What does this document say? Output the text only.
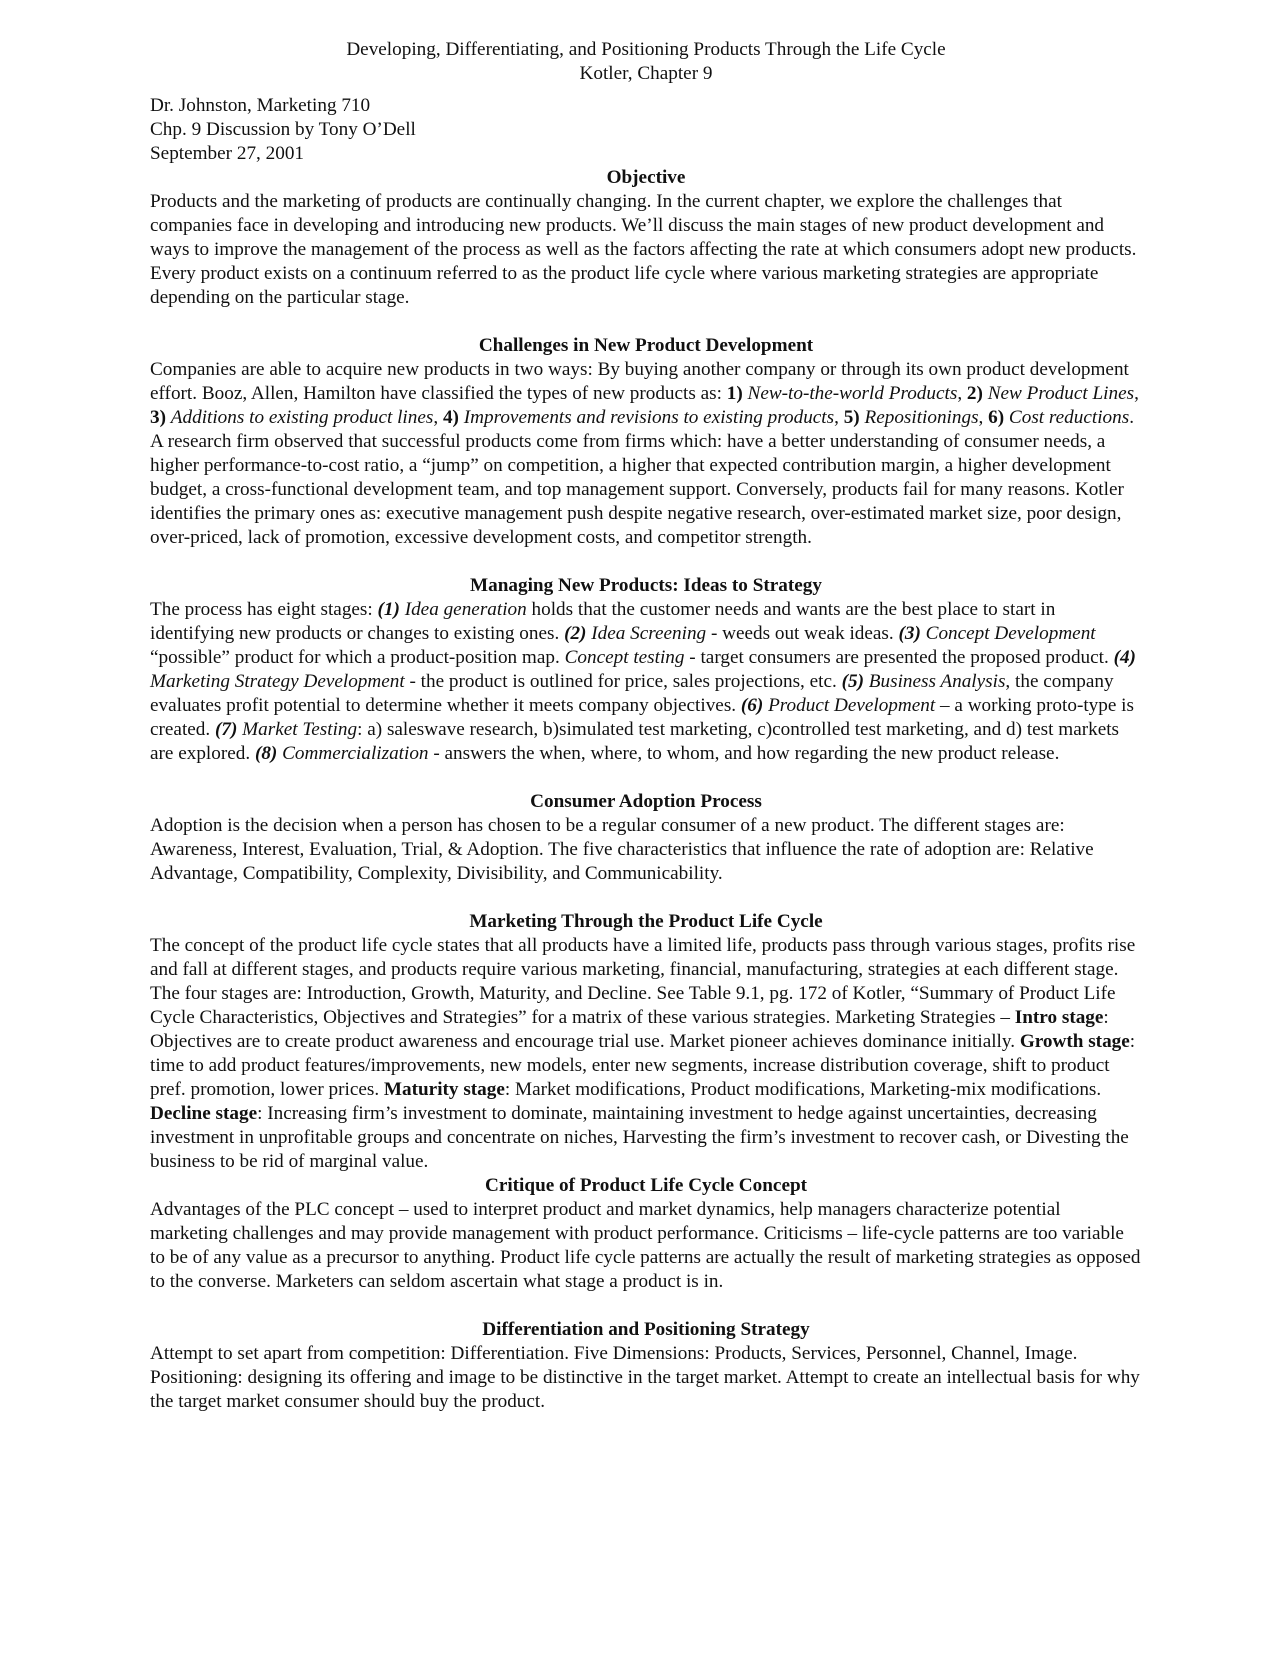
Developing, Differentiating, and Positioning Products Through the Life Cycle
Kotler, Chapter 9
Dr. Johnston, Marketing 710
Chp. 9 Discussion by Tony O’Dell
September 27, 2001
Objective

Products and the marketing of products are continually changing. In the current chapter, we explore the challenges that companies face in developing and introducing new products. We’ll discuss the main stages of new product development and ways to improve the management of the process as well as the factors affecting the rate at which consumers adopt new products. Every product exists on a continuum referred to as the product life cycle where various marketing strategies are appropriate depending on the particular stage.

Challenges in New Product Development

Companies are able to acquire new products in two ways: By buying another company or through its own product development effort. Booz, Allen, Hamilton have classified the types of new products as: 1) New-to-the-world Products, 2) New Product Lines, 3) Additions to existing product lines, 4) Improvements and revisions to existing products, 5) Repositionings, 6) Cost reductions. A research firm observed that successful products come from firms which: have a better understanding of consumer needs, a higher performance-to-cost ratio, a “jump” on competition, a higher that expected contribution margin, a higher development budget, a cross-functional development team, and top management support. Conversely, products fail for many reasons. Kotler identifies the primary ones as: executive management push despite negative research, over-estimated market size, poor design, over-priced, lack of promotion, excessive development costs, and competitor strength.

Managing New Products: Ideas to Strategy

The process has eight stages: (1) Idea generation holds that the customer needs and wants are the best place to start in identifying new products or changes to existing ones. (2) Idea Screening - weeds out weak ideas. (3) Concept Development “possible” product for which a product-position map. Concept testing - target consumers are presented the proposed product. (4) Marketing Strategy Development - the product is outlined for price, sales projections, etc. (5) Business Analysis, the company evaluates profit potential to determine whether it meets company objectives. (6) Product Development – a working proto-type is created. (7) Market Testing: a) saleswave research, b)simulated test marketing, c)controlled test marketing, and d) test markets are explored. (8) Commercialization - answers the when, where, to whom, and how regarding the new product release.

Consumer Adoption Process

Adoption is the decision when a person has chosen to be a regular consumer of a new product. The different stages are: Awareness, Interest, Evaluation, Trial, & Adoption. The five characteristics that influence the rate of adoption are: Relative Advantage, Compatibility, Complexity, Divisibility, and Communicability.

Marketing Through the Product Life Cycle

The concept of the product life cycle states that all products have a limited life, products pass through various stages, profits rise and fall at different stages, and products require various marketing, financial, manufacturing, strategies at each different stage. The four stages are: Introduction, Growth, Maturity, and Decline. See Table 9.1, pg. 172 of Kotler, “Summary of Product Life Cycle Characteristics, Objectives and Strategies” for a matrix of these various strategies. Marketing Strategies – Intro stage: Objectives are to create product awareness and encourage trial use. Market pioneer achieves dominance initially. Growth stage: time to add product features/improvements, new models, enter new segments, increase distribution coverage, shift to product pref. promotion, lower prices. Maturity stage: Market modifications, Product modifications, Marketing-mix modifications. Decline stage: Increasing firm’s investment to dominate, maintaining investment to hedge against uncertainties, decreasing investment in unprofitable groups and concentrate on niches, Harvesting the firm’s investment to recover cash, or Divesting the business to be rid of marginal value.

Critique of Product Life Cycle Concept

Advantages of the PLC concept – used to interpret product and market dynamics, help managers characterize potential marketing challenges and may provide management with product performance. Criticisms – life-cycle patterns are too variable to be of any value as a precursor to anything. Product life cycle patterns are actually the result of marketing strategies as opposed to the converse. Marketers can seldom ascertain what stage a product is in.

Differentiation and Positioning Strategy

Attempt to set apart from competition: Differentiation. Five Dimensions: Products, Services, Personnel, Channel, Image. Positioning: designing its offering and image to be distinctive in the target market. Attempt to create an intellectual basis for why the target market consumer should buy the product.
